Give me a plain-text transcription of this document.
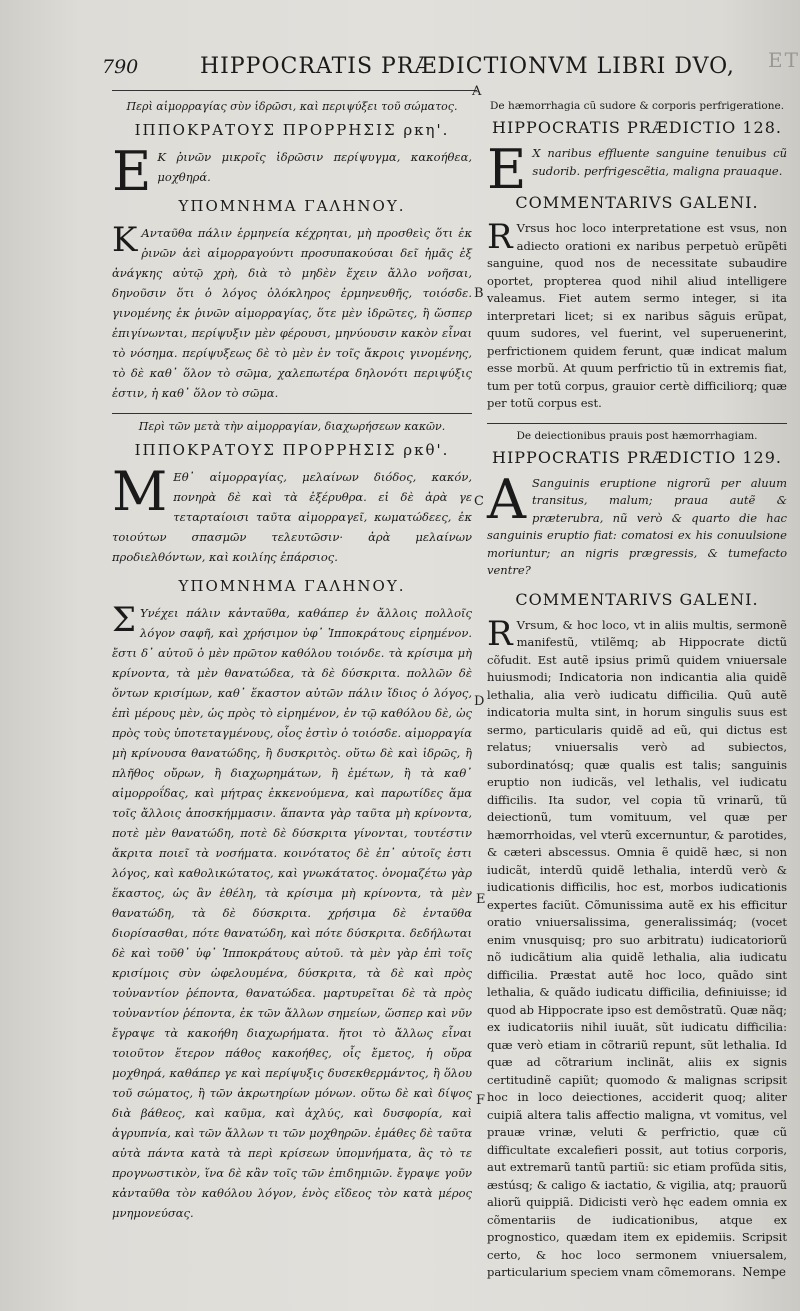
790	HIPPOCRATIS PRÆDICTIONVM LIBRI DVO, ET
A
B
C
D
E
F
Περὶ αἱμορραγίας σὺν ἱδρῶσι, καὶ περιψύξει τοῦ σώματος.
ΙΠΠΟΚΡΑΤΟΥΣ ΠΡΟΡΡΗΣΙΣ ρκη'.

Ε Κ ῥινῶν μικροῖς ἱδρῶσιν περίψυγμα, κακοήθεα, μοχθηρά.

ΥΠΟΜΝΗΜΑ ΓΑΛΗΝΟΥ.

Κ Ανταῦθα πάλιν ἑρμηνεία κέχρηται, μὴ προσθεὶς ὅτι ἐκ ῥινῶν ἀεὶ αἱμορραγούντι προσυπακούσαι δεῖ ἡμᾶς ἐξ ἀνάγκης αὐτῷ χρὴ, διὰ τὸ μηδὲν ἔχειν ἄλλο νοῆσαι, δηνοῦσιν ὅτι ὁ λόγος ὁλόκληρος ἑρμηνευθῆς, τοιόσδε. γινομένης ἐκ ῥινῶν αἱμορραγίας, ὅτε μὲν ἱδρῶτες, ἢ ὥσπερ ἐπιγίνωνται, περίψυξιν μὲν φέρουσι, μηνύουσιν κακὸν εἶναι τὸ νόσημα. περίψυξεως δὲ τὸ μὲν ἐν τοῖς ἄκροις γινομένης, τὸ δὲ καθ᾽ ὅλον τὸ σῶμα, χαλεπωτέρα δηλονότι περιψύξις ἐστιν, ἡ καθ᾽ ὅλον τὸ σῶμα.

Περὶ τῶν μετὰ τὴν αἱμορραγίαν, διαχωρήσεων κακῶν.
ΙΠΠΟΚΡΑΤΟΥΣ ΠΡΟΡΡΗΣΙΣ ρκθ'.

Μ Εθ᾽ αἱμορραγίας, μελαίνων διόδος, κακόν, πονηρὰ δὲ καὶ τὰ ἐξέρυθρα. εἰ δὲ ἀρὰ γε τεταρταίοισι ταῦτα αἱμορραγεῖ, κωματώδεες, ἐκ τοιούτων σπασμῶν τελευτῶσιν· ἀρὰ μελαίνων προδιελθόντων, καὶ κοιλίης ἐπάρσιος.

ΥΠΟΜΝΗΜΑ ΓΑΛΗΝΟΥ.

Σ Υνέχει πάλιν κἀνταῦθα, καθάπερ ἐν ἄλλοις πολλοῖς λόγον σαφῆ, καὶ χρήσιμον ὑφ᾽ Ἱπποκράτους εἰρημένον. ἔστι δ᾽ αὐτοῦ ὁ μὲν πρῶτον καθόλου τοιόνδε. τὰ κρίσιμα μὴ κρίνοντα, τὰ μὲν θανατώδεα, τὰ δὲ δύσκριτα. πολλῶν δὲ ὄντων κρισίμων, καθ᾽ ἕκαστον αὐτῶν πάλιν ἴδιος ὁ λόγος, ἐπὶ μέρους μὲν, ὡς πρὸς τὸ εἰρημένον, ἐν τῷ καθόλου δὲ, ὡς πρὸς τοὺς ὑποτεταγμένους, οἷος ἐστὶν ὁ τοιόσδε. αἱμορραγία μὴ κρίνουσα θανατώδης, ἢ δυσκριτὸς. οὕτω δὲ καὶ ἱδρῶς, ἢ πλῆθος οὔρων, ἢ διαχωρημάτων, ἢ ἐμέτων, ἢ τὰ καθ᾽ αἱμορροΐδας, καὶ μήτρας ἐκκενούμενα, καὶ παρωτίδες ἅμα τοῖς ἄλλοις ἀποσκήμμασιν. ἅπαντα γὰρ ταῦτα μὴ κρίνοντα, ποτὲ μὲν θανατώδη, ποτὲ δὲ δύσκριτα γίνονται, τουτέστιν ἄκριτα ποιεῖ τὰ νοσήματα. κοινότατος δὲ ἐπ᾽ αὐτοῖς ἐστι λόγος, καὶ καθολικώτατος, καὶ γνωκάτατος. ὀνομαζέτω γὰρ ἕκαστος, ὡς ἂν ἐθέλη, τὰ κρίσιμα μὴ κρίνοντα, τὰ μὲν θανατώδη, τὰ δὲ δύσκριτα. χρήσιμα δὲ ἐνταῦθα διορίσασθαι, πότε θανατώδη, καὶ πότε δύσκριτα. δεδήλωται δὲ καὶ τοῦθ᾽ ὑφ᾽ Ἱπποκράτους αὐτοῦ. τὰ μὲν γὰρ ἐπὶ τοῖς κρισίμοις σὺν ὠφελουμένα, δύσκριτα, τὰ δὲ καὶ πρὸς τοὐναντίον ῥέποντα, θανατώδεα. μαρτυρεῖται δὲ τὰ πρὸς τοὐναντίον ῥέποντα, ἐκ τῶν ἄλλων σημείων, ὥσπερ καὶ νῦν ἔγραψε τὰ κακοήθη διαχωρήματα. ἤτοι τὸ ἄλλως εἶναι τοιοῦτον ἕτερον πάθος κακοήθες, οἷς ἔμετος, ἡ οὔρα μοχθηρά, καθάπερ γε καὶ περίψυξις δυσεκθερμάντος, ἢ ὅλου τοῦ σώματος, ἢ τῶν ἀκρωτηρίων μόνων. οὕτω δὲ καὶ δίψος διὰ βάθεος, καὶ καῦμα, καὶ ἀχλύς, καὶ δυσφορία, καὶ ἀγρυπνία, καὶ τῶν ἄλλων τι τῶν μοχθηρῶν. ἐμάθες δὲ ταῦτα αὐτὰ πάντα κατὰ τὰ περὶ κρίσεων ὑπομνήματα, ἃς τὸ τε προγνωστικὸν, ἵνα δὲ κἂν τοῖς τῶν ἐπιδημιῶν. ἔγραψε γοῦν κἀνταῦθα τὸν καθόλου λόγον, ἑνὸς εἴδεος τὸν κατὰ μέρος μνημονεύσας.

De hæmorrhagia cũ sudore & corporis perfrigeratione.
HIPPOCRATIS PRÆDICTIO 128.

E X naribus effluente sanguine tenuibus cũ sudorib. perfrigescẽtia, maligna prauaque.

COMMENTARIVS GALENI.

R Vrsus hoc loco interpretatione est vsus, non adiecto orationi ex naribus perpetuò erũpẽti sanguine, quod nos de necessitate subaudire oportet, propterea quod nihil aliud intelligere valeamus. Fiet autem sermo integer, si ita interpretari licet; si ex naribus sãguis erũpat, quum sudores, vel fuerint, vel superuenerint, perfrictionem quidem ferunt, quæ indicat malum esse morbũ. At quum perfrictio tũ in extremis fiat, tum per totũ corpus, grauior certè difficiliorq; quæ per totũ corpus est.

De deiectionibus prauis post hæmorrhagiam.
HIPPOCRATIS PRÆDICTIO 129.

A Sanguinis eruptione nigrorũ per aluum transitus, malum; praua autẽ & præterubra, nũ verò & quarto die hac sanguinis eruptio fiat: comatosi ex his conuulsione moriuntur; an nigris prægressis, & tumefacto ventre?

COMMENTARIVS GALENI.

R Vrsum, & hoc loco, vt in aliis multis, sermonẽ manifestũ, vtilẽmq; ab Hippocrate dictũ cõfudit. Est autẽ ipsius primũ quidem vniuersale huiusmodi; Indicatoria non indicantia alia quidẽ lethalia, alia verò iudicatu difficilia. Quũ autẽ indicatoria multa sint, in horum singulis suus est sermo, particularis quidẽ ad eũ, qui dictus est relatus; vniuersalis verò ad subiectos, subordinatósq; quæ qualis est talis; sanguinis eruptio non iudicãs, vel lethalis, vel iudicatu difficilis. Ita sudor, vel copia tũ vrinarũ, tũ deiectionũ, tum vomituum, vel quæ per hæmorrhoidas, vel vterũ excernuntur, & parotides, & cæteri abscessus. Omnia ẽ quidẽ hæc, si non iudicãt, interdũ quidẽ lethalia, interdũ verò & iudicationis difficilis, hoc est, morbos iudicationis expertes faciũt. Cõmunissima autẽ ex his efficitur oratio vniuersalissima, generalissimáq; (vocet enim vnusquisq; pro suo arbitratu) iudicatoriorũ nõ iudicãtium alia quidẽ lethalia, alia iudicatu difficilia. Præstat autẽ hoc loco, quãdo sint lethalia, & quãdo iudicatu difficilia, definiuisse; id quod ab Hippocrate ipso est demõstratũ. Quæ nãq; ex iudicatoriis nihil iuuãt, sũt iudicatu difficilia: quæ verò etiam in cõtrariũ repunt, sũt lethalia. Id quæ ad cõtrarium inclinãt, aliis ex signis certitudinẽ capiũt; quomodo & malignas scripsit hoc in loco deiectiones, acciderit quoq; aliter cuipiã altera talis affectio maligna, vt vomitus, vel prauæ vrinæ, veluti & perfrictio, quæ cũ difficultate excalefieri possit, aut totius corporis, aut extremarũ tantũ partiũ: sic etiam profũda sitis, æstúsq; & caligo & iactatio, & vigilia, atq; prauorũ aliorũ quippiã. Didicisti verò hęc eadem omnia ex cõmentariis de iudicationibus, atque ex prognostico, quædam item ex epidemiis. Scripsit certo, & hoc loco sermonem vniuersalem, particularium speciem vnam cõmemorans. Nempe
